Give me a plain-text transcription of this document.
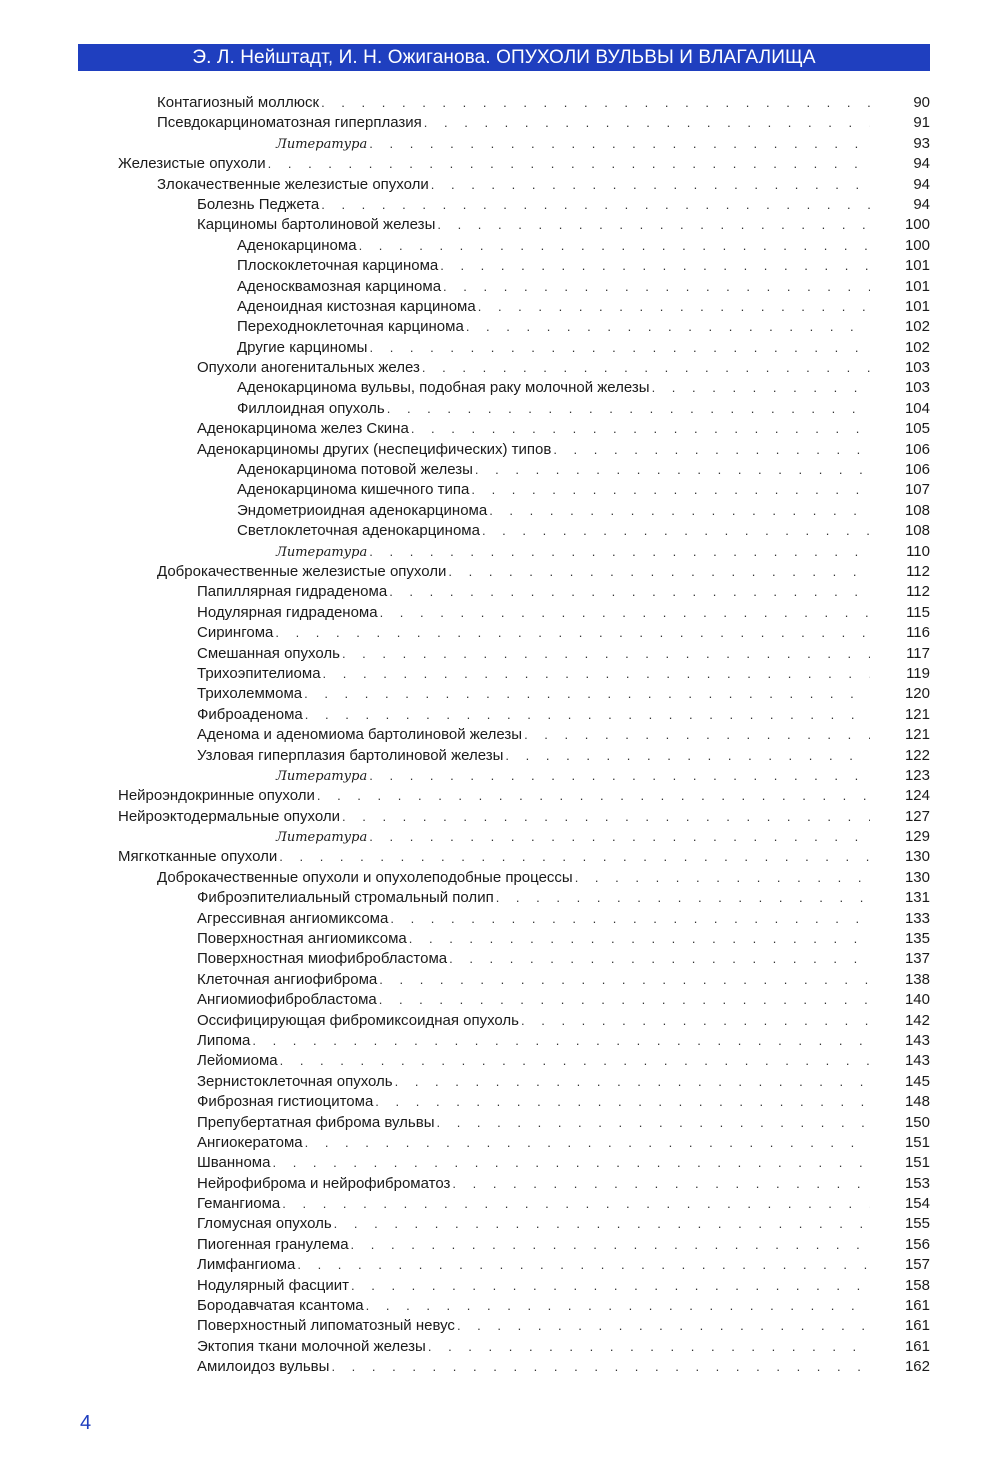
Э. Л. Нейштадт, И. Н. Ожиганова. ОПУХОЛИ ВУЛЬВЫ И ВЛАГАЛИЩА
Контагиозный моллюск . . .	90
Псевдокарциноматозная гиперплазия . . .	91
Литература . . .	93
Железистые опухоли . . .	94
Злокачественные железистые опухоли . . .	94
Болезнь Педжета . . .	94
Карциномы бартолиновой железы . . .	100
Аденокарцинома . . .	100
Плоскоклеточная карцинома . . .	101
Аденосквамозная карцинома . . .	101
Аденоидная кистозная карцинома . . .	101
Переходноклеточная карцинома . . .	102
Другие карциномы . . .	102
Опухоли аногенитальных желез . . .	103
Аденокарцинома вульвы, подобная раку молочной железы . . .	103
Филлоидная опухоль . . .	104
Аденокарцинома желез Скина . . .	105
Аденокарциномы других (неспецифических) типов . . .	106
Аденокарцинома потовой железы . . .	106
Аденокарцинома кишечного типа . . .	107
Эндометриоидная аденокарцинома . . .	108
Светлоклеточная аденокарцинома . . .	108
Литература . . .	110
Доброкачественные железистые опухоли . . .	112
Папиллярная гидраденома . . .	112
Нодулярная гидраденома . . .	115
Сирингома . . .	116
Смешанная опухоль . . .	117
Трихоэпителиома . . .	119
Трихолеммома . . .	120
Фиброаденома . . .	121
Аденома и аденомиома бартолиновой железы . . .	121
Узловая гиперплазия бартолиновой железы . . .	122
Литература . . .	123
Нейроэндокринные опухоли . . .	124
Нейроэктодермальные опухоли . . .	127
Литература . . .	129
Мягкотканные опухоли . . .	130
Доброкачественные опухоли и опухолеподобные процессы . . .	130
Фиброэпителиальный стромальный полип . . .	131
Агрессивная ангиомиксома . . .	133
Поверхностная ангиомиксома . . .	135
Поверхностная миофибробластома . . .	137
Клеточная ангиофиброма . . .	138
Ангиомиофибробластома . . .	140
Оссифицирующая фибромиксоидная опухоль . . .	142
Липома . . .	143
Лейомиома . . .	143
Зернистоклеточная опухоль . . .	145
Фиброзная гистиоцитома . . .	148
Препубертатная фиброма вульвы . . .	150
Ангиокератома . . .	151
Шваннома . . .	151
Нейрофиброма и нейрофиброматоз . . .	153
Гемангиома . . .	154
Гломусная опухоль . . .	155
Пиогенная гранулема . . .	156
Лимфангиома . . .	157
Нодулярный фасциит . . .	158
Бородавчатая ксантома . . .	161
Поверхностный липоматозный невус . . .	161
Эктопия ткани молочной железы . . .	161
Амилоидоз вульвы . . .	162
4
